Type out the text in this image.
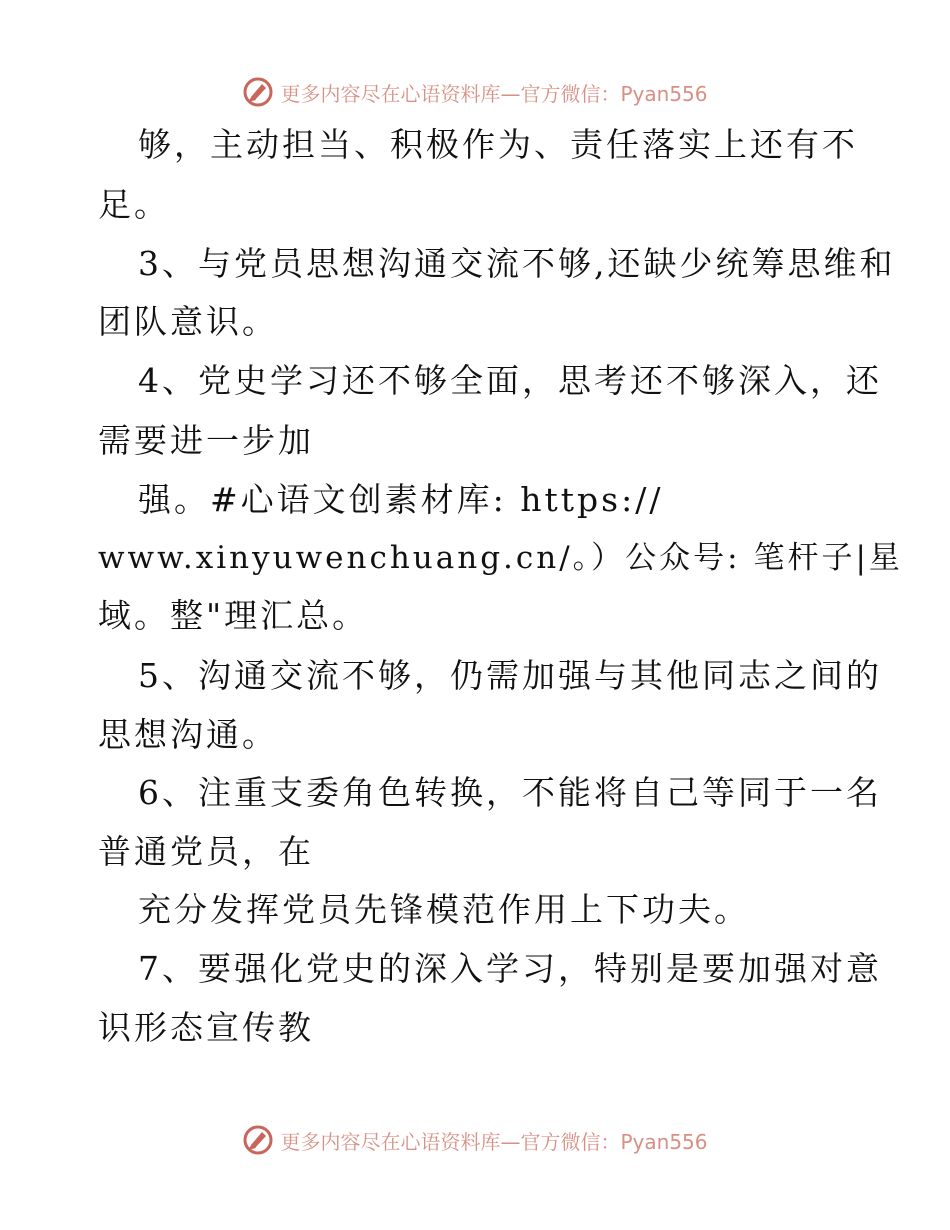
更多内容尽在心语资料库—官方微信：Pyan556
够，主动担当、积极作为、责任落实上还有不
足。
3、与党员思想沟通交流不够,还缺少统筹思维和
团队意识。
4、党史学习还不够全面，思考还不够深入，还
需要进一步加
强。#心语文创素材库: https://
www.xinyuwenchuang.cn/。）公众号: 笔杆子|星
域。整"理汇总。
5、沟通交流不够，仍需加强与其他同志之间的
思想沟通。
6、注重支委角色转换，不能将自己等同于一名
普通党员，在
充分发挥党员先锋模范作用上下功夫。
7、要强化党史的深入学习，特别是要加强对意
识形态宣传教
更多内容尽在心语资料库—官方微信：Pyan556
